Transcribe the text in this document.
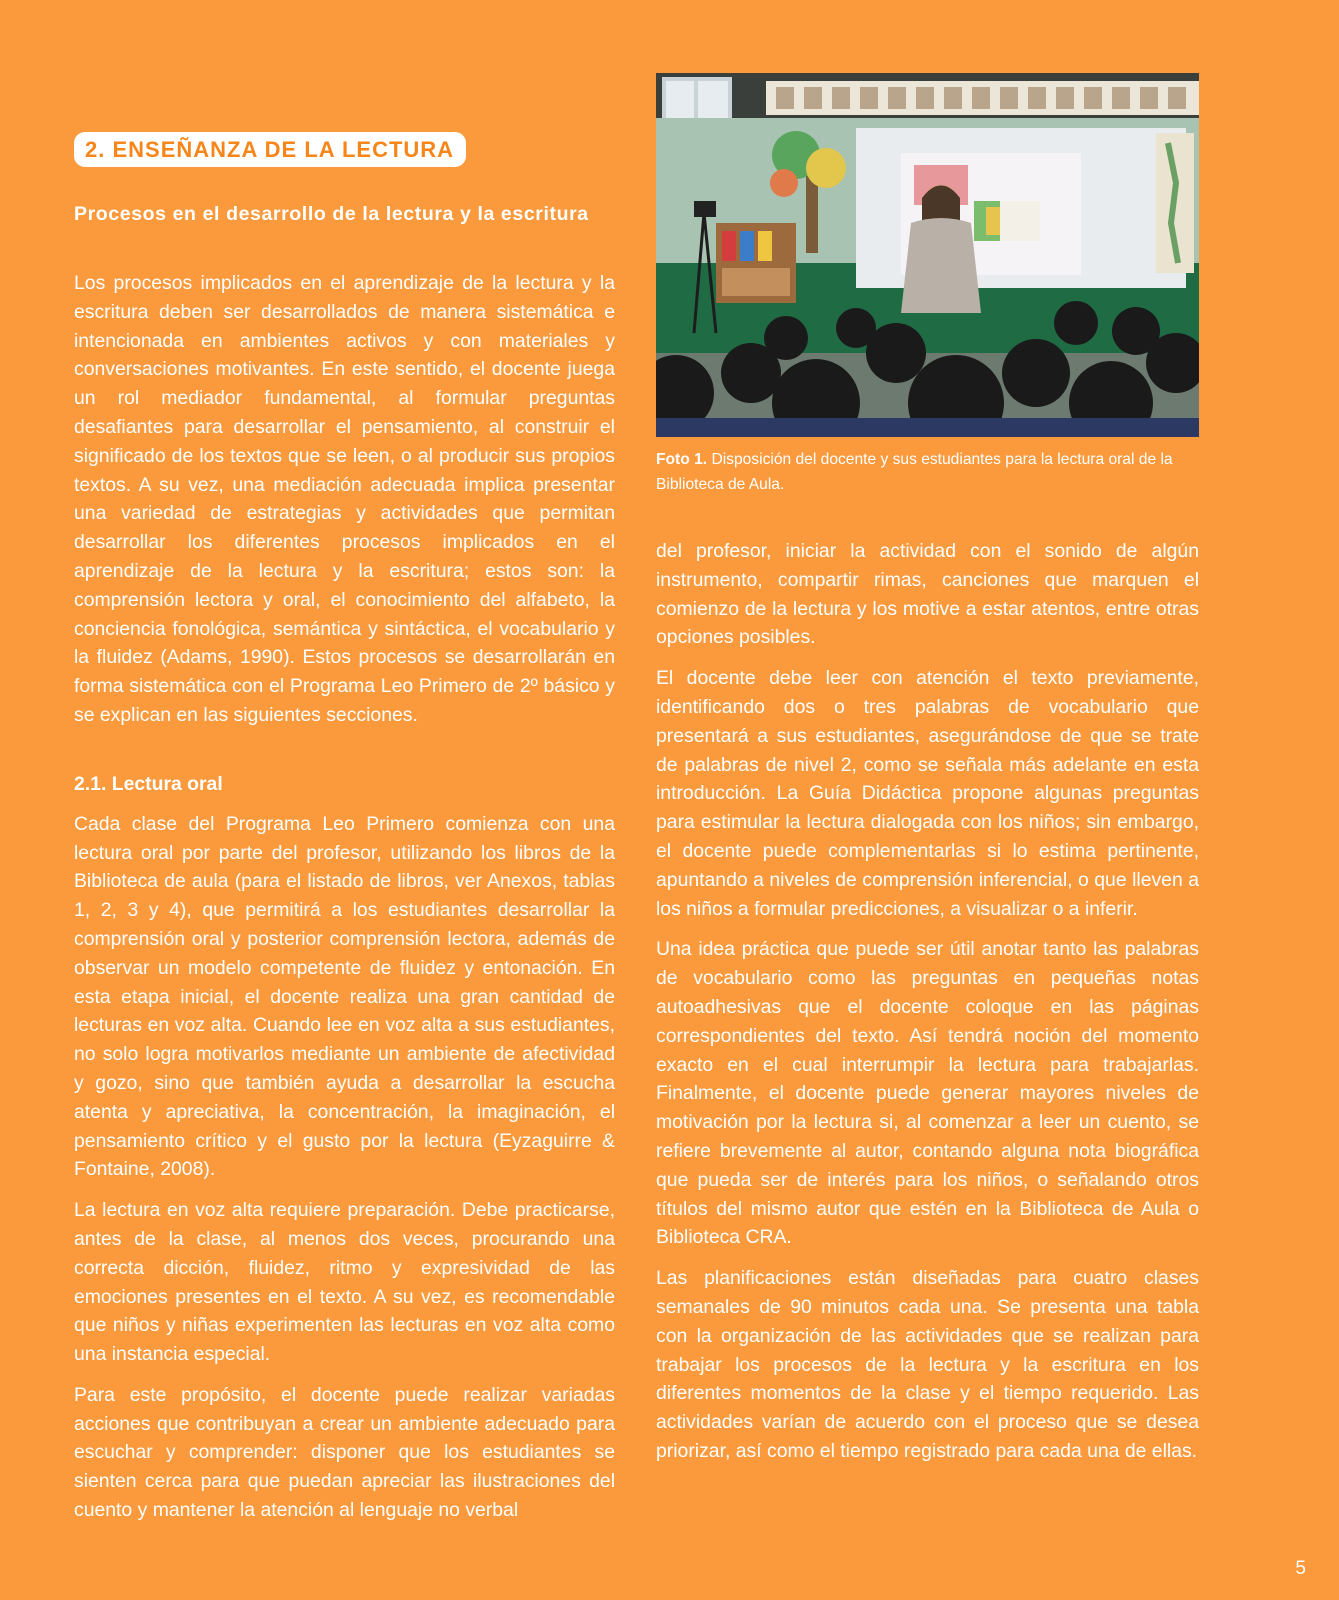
2. ENSEÑANZA DE LA LECTURA
Procesos en el desarrollo de la lectura y la escritura

Los procesos implicados en el aprendizaje de la lectura y la escritura deben ser desarrollados de manera sistemática e intencionada en ambientes activos y con materiales y conversaciones motivantes. En este sentido, el docente juega un rol mediador fundamental, al formular preguntas desafiantes para desarrollar el pensamiento, al construir el significado de los textos que se leen, o al producir sus propios textos. A su vez, una mediación adecuada implica presentar una variedad de estrategias y actividades que permitan desarrollar los diferentes procesos implicados en el aprendizaje de la lectura y la escritura; estos son: la comprensión lectora y oral, el conocimiento del alfabeto, la conciencia fonológica, semántica y sintáctica, el vocabulario y la fluidez (Adams, 1990). Estos procesos se desarrollarán en forma sistemática con el Programa Leo Primero de 2º básico y se explican en las siguientes secciones.

2.1. Lectura oral

Cada clase del Programa Leo Primero comienza con una lectura oral por parte del profesor, utilizando los libros de la Biblioteca de aula (para el listado de libros, ver Anexos, tablas 1, 2, 3 y 4), que permitirá a los estudiantes desarrollar la comprensión oral y posterior comprensión lectora, además de observar un modelo competente de fluidez y entonación. En esta etapa inicial, el docente realiza una gran cantidad de lecturas en voz alta. Cuando lee en voz alta a sus estudiantes, no solo logra motivarlos mediante un ambiente de afectividad y gozo, sino que también ayuda a desarrollar la escucha atenta y apreciativa, la concentración, la imaginación, el pensamiento crítico y el gusto por la lectura (Eyzaguirre & Fontaine, 2008).

La lectura en voz alta requiere preparación. Debe practicarse, antes de la clase, al menos dos veces, procurando una correcta dicción, fluidez, ritmo y expresividad de las emociones presentes en el texto. A su vez, es recomendable que niños y niñas experimenten las lecturas en voz alta como una instancia especial.

Para este propósito, el docente puede realizar variadas acciones que contribuyan a crear un ambiente adecuado para escuchar y comprender: disponer que los estudiantes se sienten cerca para que puedan apreciar las ilustraciones del cuento y mantener la atención al lenguaje no verbal

Foto 1. Disposición del docente y sus estudiantes para la lectura oral de la Biblioteca de Aula.

del profesor, iniciar la actividad con el sonido de algún instrumento, compartir rimas, canciones que marquen el comienzo de la lectura y los motive a estar atentos, entre otras opciones posibles.

El docente debe leer con atención el texto previamente, identificando dos o tres palabras de vocabulario que presentará a sus estudiantes, asegurándose de que se trate de palabras de nivel 2, como se señala más adelante en esta introducción. La Guía Didáctica propone algunas preguntas para estimular la lectura dialogada con los niños; sin embargo, el docente puede complementarlas si lo estima pertinente, apuntando a niveles de comprensión inferencial, o que lleven a los niños a formular predicciones, a visualizar o a inferir.

Una idea práctica que puede ser útil anotar tanto las palabras de vocabulario como las preguntas en pequeñas notas autoadhesivas que el docente coloque en las páginas correspondientes del texto. Así tendrá noción del momento exacto en el cual interrumpir la lectura para trabajarlas. Finalmente, el docente puede generar mayores niveles de motivación por la lectura si, al comenzar a leer un cuento, se refiere brevemente al autor, contando alguna nota biográfica que pueda ser de interés para los niños, o señalando otros títulos del mismo autor que estén en la Biblioteca de Aula o Biblioteca CRA.

Las planificaciones están diseñadas para cuatro clases semanales de 90 minutos cada una. Se presenta una tabla con la organización de las actividades que se realizan para trabajar los procesos de la lectura y la escritura en los diferentes momentos de la clase y el tiempo requerido. Las actividades varían de acuerdo con el proceso que se desea priorizar, así como el tiempo registrado para cada una de ellas.

5
